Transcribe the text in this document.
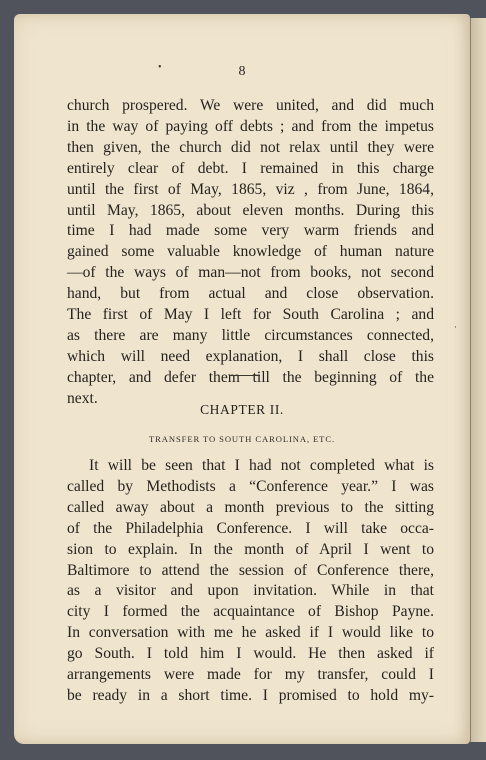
•
·
8
church prospered. We were united, and did much
in the way of paying off debts ; and from the impetus
then given, the church did not relax until they were
entirely clear of debt. I remained in this charge
until the first of May, 1865, viz , from June, 1864,
until May, 1865, about eleven months. During this
time I had made some very warm friends and
gained some valuable knowledge of human nature
—of the ways of man—not from books, not second
hand, but from actual and close observation.
The first of May I left for South Carolina ; and
as there are many little circumstances connected,
which will need explanation, I shall close this
chapter, and defer them till the beginning of the
next.
CHAPTER II.
TRANSFER TO SOUTH CAROLINA, ETC.
It will be seen that I had not completed what is
called by Methodists a “Conference year.” I was
called away about a month previous to the sitting
of the Philadelphia Conference. I will take occa-
sion to explain. In the month of April I went to
Baltimore to attend the session of Conference there,
as a visitor and upon invitation. While in that
city I formed the acquaintance of Bishop Payne.
In conversation with me he asked if I would like to
go South. I told him I would. He then asked if
arrangements were made for my transfer, could I
be ready in a short time. I promised to hold my-
